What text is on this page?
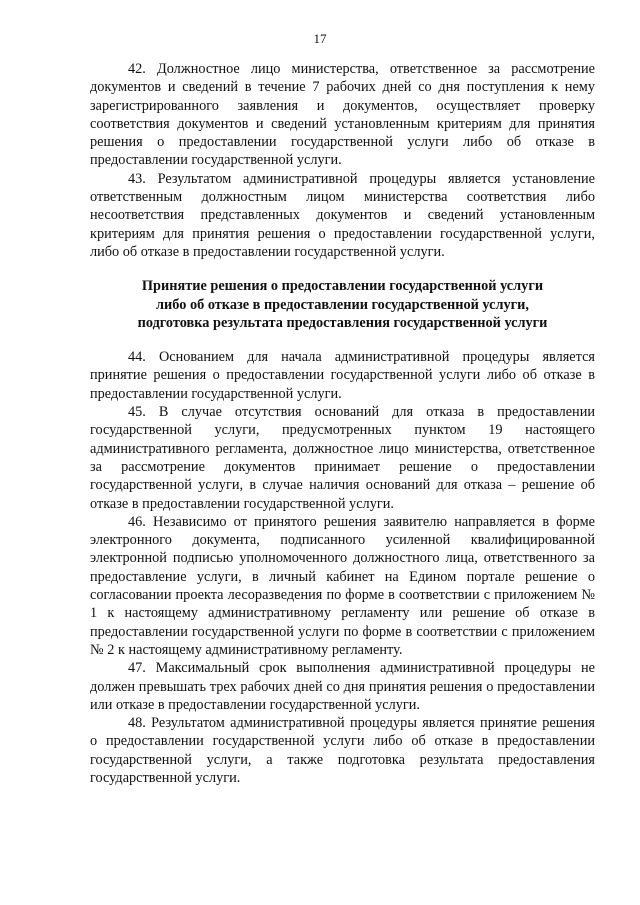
17

42. Должностное лицо министерства, ответственное за рассмотрение документов и сведений в течение 7 рабочих дней со дня поступления к нему зарегистрированного заявления и документов, осуществляет проверку соответствия документов и сведений установленным критериям для принятия решения о предоставлении государственной услуги либо об отказе в предоставлении государственной услуги.

43. Результатом административной процедуры является установление ответственным должностным лицом министерства соответствия либо несоответствия представленных документов и сведений установленным критериям для принятия решения о предоставлении государственной услуги, либо об отказе в предоставлении государственной услуги.

Принятие решения о предоставлении государственной услуги
либо об отказе в предоставлении государственной услуги,
подготовка результата предоставления государственной услуги

44. Основанием для начала административной процедуры является принятие решения о предоставлении государственной услуги либо об отказе в предоставлении государственной услуги.

45. В случае отсутствия оснований для отказа в предоставлении государственной услуги, предусмотренных пунктом 19 настоящего административного регламента, должностное лицо министерства, ответственное за рассмотрение документов принимает решение о предоставлении государственной услуги, в случае наличия оснований для отказа – решение об отказе в предоставлении государственной услуги.

46. Независимо от принятого решения заявителю направляется в форме электронного документа, подписанного усиленной квалифицированной электронной подписью уполномоченного должностного лица, ответственного за предоставление услуги, в личный кабинет на Едином портале решение о согласовании проекта лесоразведения по форме в соответствии с приложением № 1 к настоящему административному регламенту или решение об отказе в предоставлении государственной услуги по форме в соответствии с приложением № 2 к настоящему административному регламенту.

47. Максимальный срок выполнения административной процедуры не должен превышать трех рабочих дней со дня принятия решения о предоставлении или отказе в предоставлении государственной услуги.

48. Результатом административной процедуры является принятие решения о предоставлении государственной услуги либо об отказе в предоставлении государственной услуги, а также подготовка результата предоставления государственной услуги.
